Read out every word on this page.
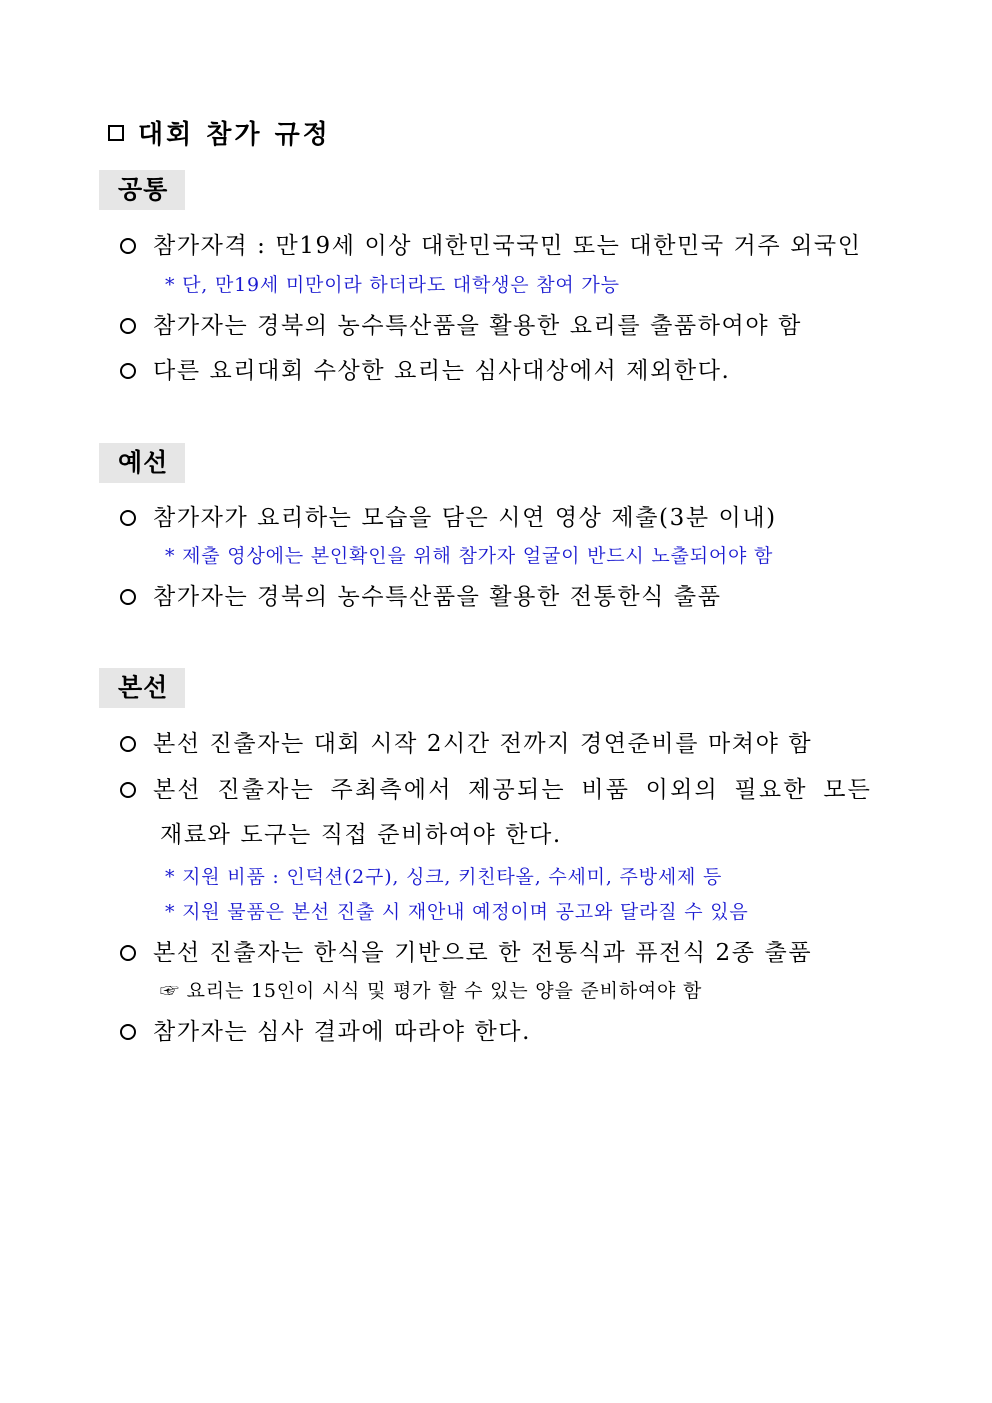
대회 참가 규정
공통
참가자격 : 만19세 이상 대한민국국민 또는 대한민국 거주 외국인
* 단, 만19세 미만이라 하더라도 대학생은 참여 가능
참가자는 경북의 농수특산품을 활용한 요리를 출품하여야 함
다른 요리대회 수상한 요리는 심사대상에서 제외한다.
예선
참가자가 요리하는 모습을 담은 시연 영상 제출(3분 이내)
* 제출 영상에는 본인확인을 위해 참가자 얼굴이 반드시 노출되어야 함
참가자는 경북의 농수특산품을 활용한 전통한식 출품
본선
본선 진출자는 대회 시작 2시간 전까지 경연준비를 마쳐야 함
본선 진출자는 주최측에서 제공되는 비품 이외의 필요한 모든
재료와 도구는 직접 준비하여야 한다.
* 지원 비품 : 인덕션(2구), 싱크, 키친타올, 수세미, 주방세제 등
* 지원 물품은 본선 진출 시 재안내 예정이며 공고와 달라질 수 있음
본선 진출자는 한식을 기반으로 한 전통식과 퓨전식 2종 출품
☞ 요리는 15인이 시식 및 평가 할 수 있는 양을 준비하여야 함
참가자는 심사 결과에 따라야 한다.
